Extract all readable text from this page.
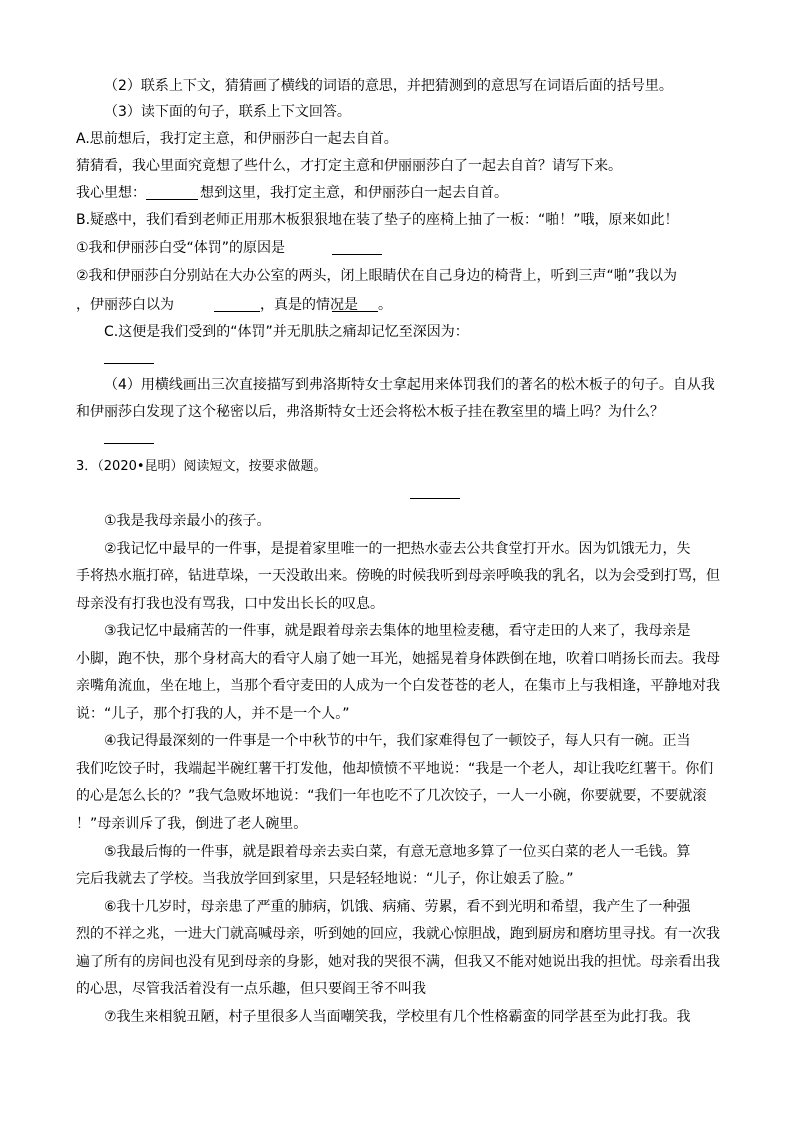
（2）联系上下文，猜猜画了横线的词语的意思，并把猜测到的意思写在词语后面的括号里。
（3）读下面的句子，联系上下文回答。
A.思前想后，我打定主意，和伊丽莎白一起去自首。
猜猜看，我心里面究竟想了些什么，才打定主意和伊丽丽莎白了一起去自首？请写下来。
我心里想：	想到这里，我打定主意，和伊丽莎白一起去自首。
B.疑惑中，我们看到老师正用那木板狠狠地在装了垫子的座椅上抽了一板：“啪！”哦，原来如此！
①我和伊丽莎白受“体罚”的原因是
②我和伊丽莎白分别站在大办公室的两头，闭上眼睛伏在自己身边的椅背上，听到三声“啪”我以为
，伊丽莎白以为	，真是的情况是 。
C.这便是我们受到的“体罚”并无肌肤之痛却记忆至深因为：
（4）用横线画出三次直接描写到弗洛斯特女士拿起用来体罚我们的著名的松木板子的句子。自从我
和伊丽莎白发现了这个秘密以后，弗洛斯特女士还会将松木板子挂在教室里的墙上吗？为什么？
3．（2020•昆明）阅读短文，按要求做题。
①我是我母亲最小的孩子。
②我记忆中最早的一件事，是提着家里唯一的一把热水壶去公共食堂打开水。因为饥饿无力，失
手将热水瓶打碎，钻进草垛，一天没敢出来。傍晚的时候我听到母亲呼唤我的乳名，以为会受到打骂，但
母亲没有打我也没有骂我，口中发出长长的叹息。
③我记忆中最痛苦的一件事，就是跟着母亲去集体的地里检麦穗，看守走田的人来了，我母亲是
小脚，跑不快，那个身材高大的看守人扇了她一耳光，她摇晃着身体跌倒在地，吹着口哨扬长而去。我母
亲嘴角流血，坐在地上，当那个看守麦田的人成为一个白发苍苍的老人，在集市上与我相逢，平静地对我
说：“儿子，那个打我的人，并不是一个人。”
④我记得最深刻的一件事是一个中秋节的中午，我们家难得包了一顿饺子，每人只有一碗。正当
我们吃饺子时，我端起半碗红薯干打发他，他却愤愤不平地说：“我是一个老人，却让我吃红薯干。你们
的心是怎么长的？”我气急败坏地说：“我们一年也吃不了几次饺子，一人一小碗，你要就要，不要就滚
！”母亲训斥了我，倒进了老人碗里。
⑤我最后悔的一件事，就是跟着母亲去卖白菜，有意无意地多算了一位买白菜的老人一毛钱。算
完后我就去了学校。当我放学回到家里，只是轻轻地说：“儿子，你让娘丢了脸。”
⑥我十几岁时，母亲患了严重的肺病，饥饿、病痛、劳累，看不到光明和希望，我产生了一种强
烈的不祥之兆，一进大门就高喊母亲，听到她的回应，我就心惊胆战，跑到厨房和磨坊里寻找。有一次我
遍了所有的房间也没有见到母亲的身影，她对我的哭很不满，但我又不能对她说出我的担忧。母亲看出我
的心思，尽管我活着没有一点乐趣，但只要阎王爷不叫我
⑦我生来相貌丑陋，村子里很多人当面嘲笑我，学校里有几个性格霸蛮的同学甚至为此打我。我
